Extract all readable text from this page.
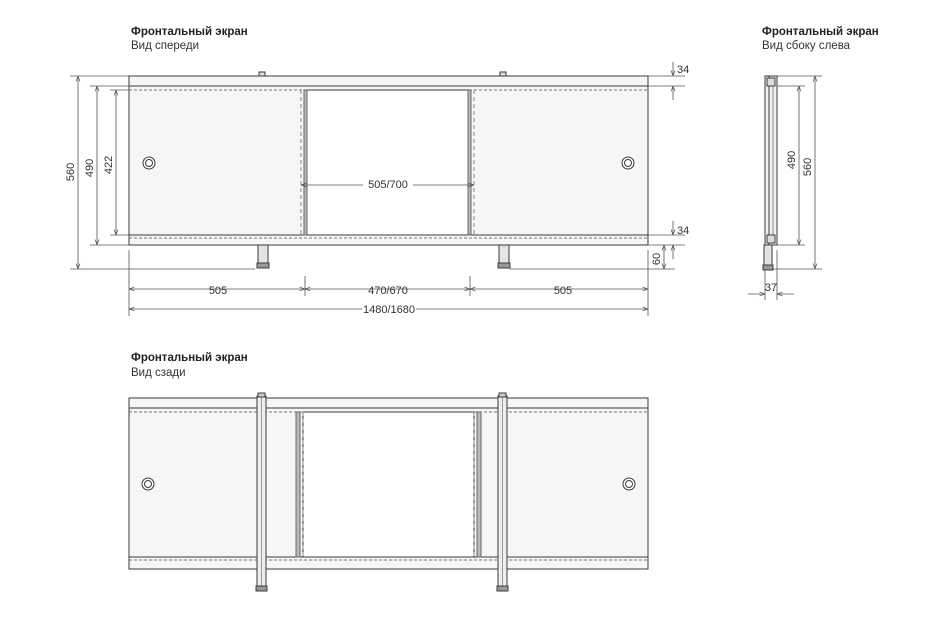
Фронтальный экран
Вид спереди
Фронтальный экран
Вид сбоку слева
Фронтальный экран
Вид сзади
505/700
560 490 422
34
34
60
505	470/670	505
1480/1680
490 560
37
